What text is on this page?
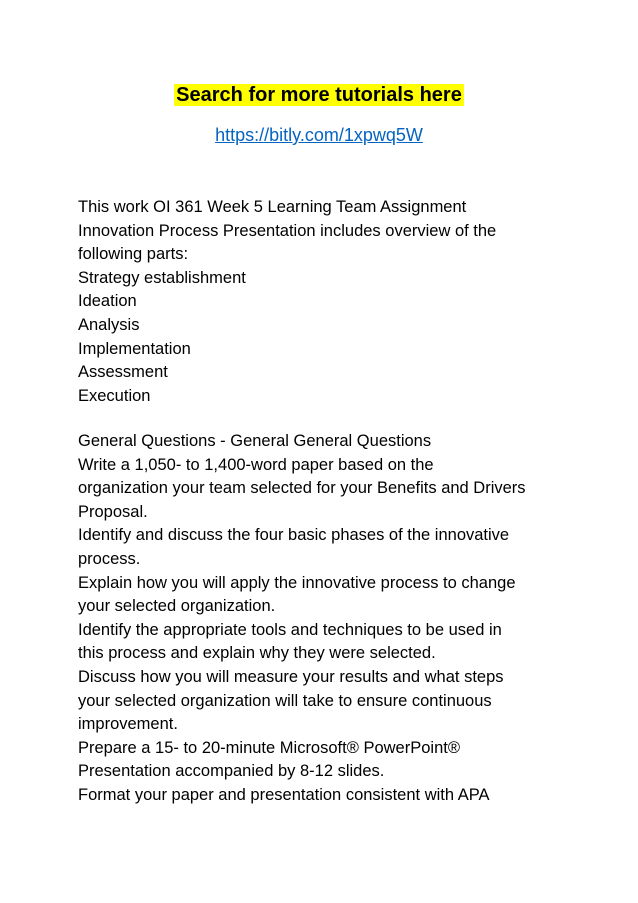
Search for more tutorials here
https://bitly.com/1xpwq5W
This work OI 361 Week 5 Learning Team Assignment
Innovation Process Presentation includes overview of the
following parts:
Strategy establishment
Ideation
Analysis
Implementation
Assessment
Execution
General Questions - General General Questions
Write a 1,050- to 1,400-word paper based on the
organization your team selected for your Benefits and Drivers
Proposal.
Identify and discuss the four basic phases of the innovative
process.
Explain how you will apply the innovative process to change
your selected organization.
Identify the appropriate tools and techniques to be used in
this process and explain why they were selected.
Discuss how you will measure your results and what steps
your selected organization will take to ensure continuous
improvement.
Prepare a 15- to 20-minute Microsoft® PowerPoint®
Presentation accompanied by 8-12 slides.
Format your paper and presentation consistent with APA
